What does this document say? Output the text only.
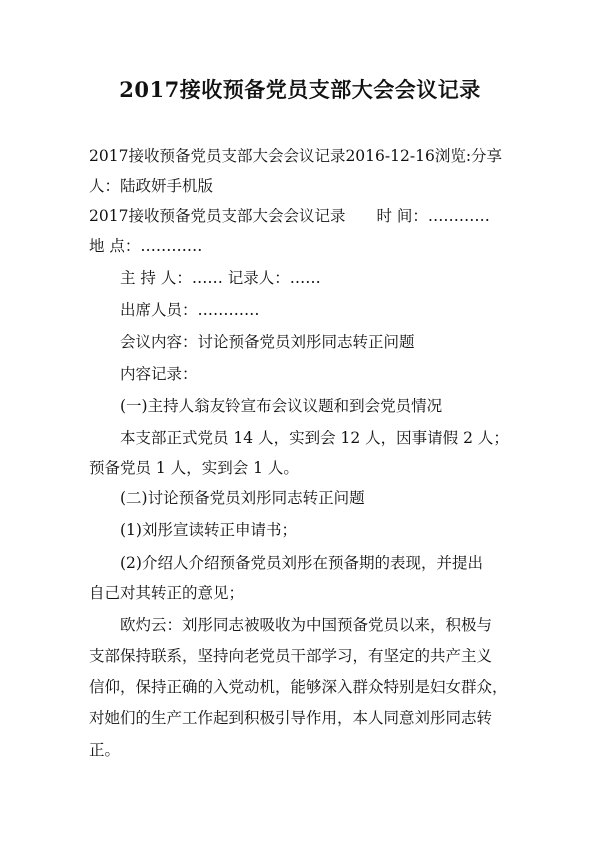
2017接收预备党员支部大会会议记录
2017接收预备党员支部大会会议记录2016-12-16浏览:分享
人：陆政妍手机版
2017接收预备党员支部大会会议记录　　时 间：…………
地 点：…………
主 持 人：…… 记录人：……
出席人员：…………
会议内容：讨论预备党员刘彤同志转正问题
内容记录：
(一)主持人翁友铃宣布会议议题和到会党员情况
本支部正式党员 14 人，实到会 12 人，因事请假 2 人；
预备党员 1 人，实到会 1 人。
(二)讨论预备党员刘彤同志转正问题
(1)刘彤宣读转正申请书；
(2)介绍人介绍预备党员刘彤在预备期的表现，并提出
自己对其转正的意见；
欧灼云：刘彤同志被吸收为中国预备党员以来，积极与
支部保持联系，坚持向老党员干部学习，有坚定的共产主义
信仰，保持正确的入党动机，能够深入群众特别是妇女群众，
对她们的生产工作起到积极引导作用，本人同意刘彤同志转
正。
